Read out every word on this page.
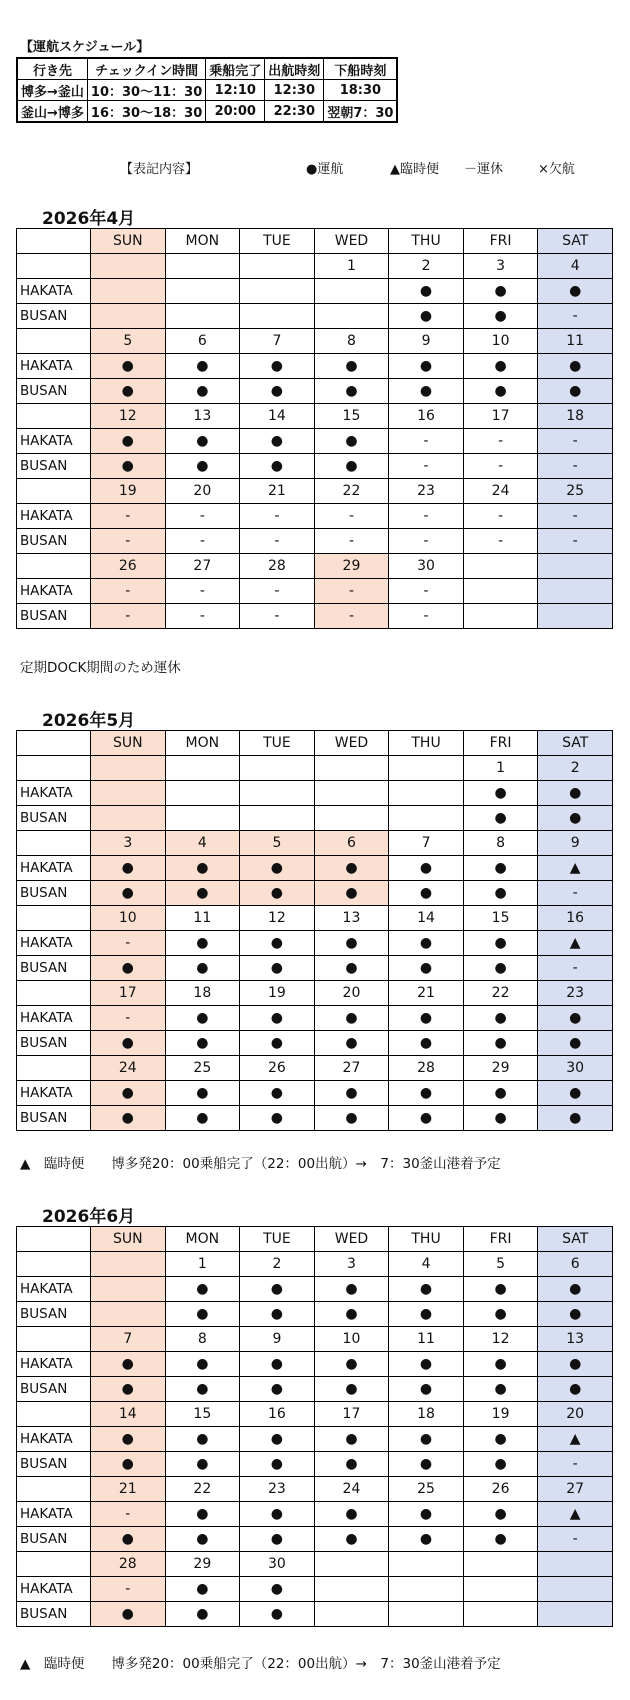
【運航スケジュール】
行き先	チェックイン時間	乗船完了	出航時刻	下船時刻
博多→釜山	10：30～11：30	12:10	12:30	18:30
釜山→博多	16：30～18：30	20:00	22:30	翌朝7：30
【表記内容】	●運航	▲臨時便 －運休	×欠航
2026年4月
	SUN	MON	TUE	WED	THU	FRI	SAT
				1	2	3	4
HAKATA					●	●	●
BUSAN					●	●	-
	5	6	7	8	9	10	11
HAKATA	●	●	●	●	●	●	●
BUSAN	●	●	●	●	●	●	●
	12	13	14	15	16	17	18
HAKATA	●	●	●	●	-	-	-
BUSAN	●	●	●	●	-	-	-
	19	20	21	22	23	24	25
HAKATA	-	-	-	-	-	-	-
BUSAN	-	-	-	-	-	-	-
	26	27	28	29	30		
HAKATA	-	-	-	-	-		
BUSAN	-	-	-	-	-		
定期DOCK期間のため運休
2026年5月
	SUN	MON	TUE	WED	THU	FRI	SAT
						1	2
HAKATA						●	●
BUSAN						●	●
	3	4	5	6	7	8	9
HAKATA	●	●	●	●	●	●	▲
BUSAN	●	●	●	●	●	●	-
	10	11	12	13	14	15	16
HAKATA	-	●	●	●	●	●	▲
BUSAN	●	●	●	●	●	●	-
	17	18	19	20	21	22	23
HAKATA	-	●	●	●	●	●	●
BUSAN	●	●	●	●	●	●	●
	24	25	26	27	28	29	30
HAKATA	●	●	●	●	●	●	●
BUSAN	●	●	●	●	●	●	●
▲　臨時便　　博多発20：00乗船完了（22：00出航）→　7：30釜山港着予定
2026年6月
	SUN	MON	TUE	WED	THU	FRI	SAT
		1	2	3	4	5	6
HAKATA		●	●	●	●	●	●
BUSAN		●	●	●	●	●	●
	7	8	9	10	11	12	13
HAKATA	●	●	●	●	●	●	●
BUSAN	●	●	●	●	●	●	●
	14	15	16	17	18	19	20
HAKATA	●	●	●	●	●	●	▲
BUSAN	●	●	●	●	●	●	-
	21	22	23	24	25	26	27
HAKATA	-	●	●	●	●	●	▲
BUSAN	●	●	●	●	●	●	-
	28	29	30				
HAKATA	-	●	●				
BUSAN	●	●	●				
▲　臨時便　　博多発20：00乗船完了（22：00出航）→　7：30釜山港着予定
